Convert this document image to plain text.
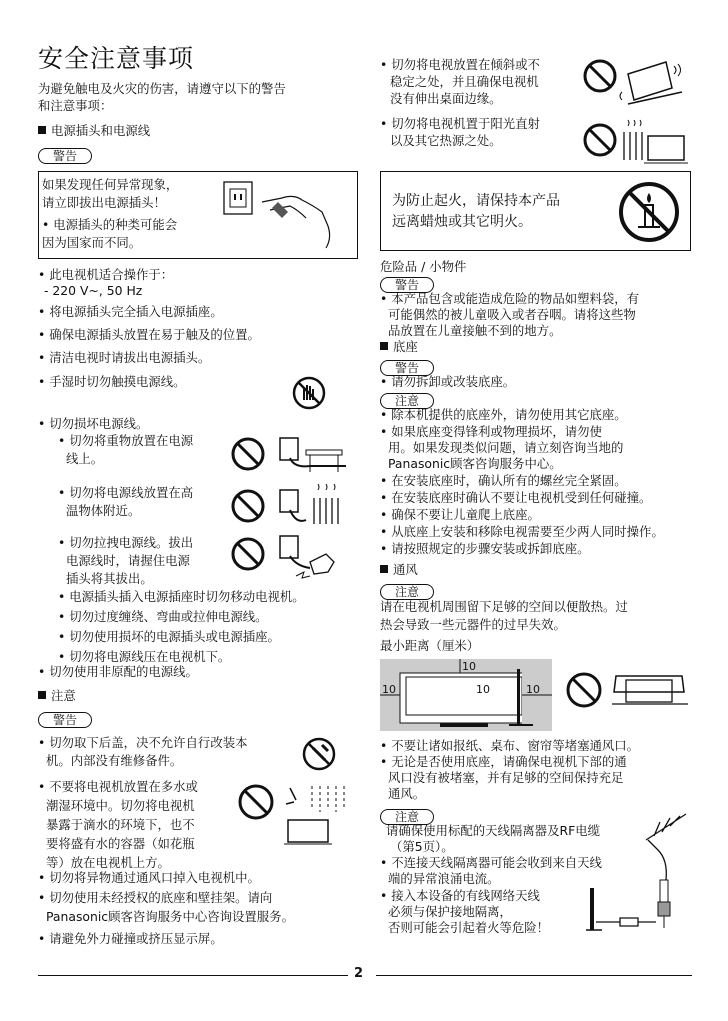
安全注意事项
为避免触电及火灾的伤害，请遵守以下的警告
和注意事项：
电源插头和电源线
警告
如果发现任何异常现象，
请立即拔出电源插头！
• 电源插头的种类可能会
因为国家而不同。
• 此电视机适合操作于：
- 220 V~, 50 Hz
• 将电源插头完全插入电源插座。
• 确保电源插头放置在易于触及的位置。
• 清洁电视时请拔出电源插头。
• 手湿时切勿触摸电源线。
• 切勿损坏电源线。
• 切勿将重物放置在电源
线上。
• 切勿将电源线放置在高
温物体附近。
• 切勿拉拽电源线。拔出
电源线时，请握住电源
插头将其拔出。
• 电源插头插入电源插座时切勿移动电视机。
• 切勿过度缠绕、弯曲或拉伸电源线。
• 切勿使用损坏的电源插头或电源插座。
• 切勿将电源线压在电视机下。
• 切勿使用非原配的电源线。
注意
警告
• 切勿取下后盖，决不允许自行改装本
机。内部没有维修备件。
• 不要将电视机放置在多水或
潮湿环境中。切勿将电视机
暴露于滴水的环境下，也不
要将盛有水的容器（如花瓶
等）放在电视机上方。
• 切勿将异物通过通风口掉入电视机中。
• 切勿使用未经授权的底座和壁挂架。请向
Panasonic顾客咨询服务中心咨询设置服务。
• 请避免外力碰撞或挤压显示屏。
• 切勿将电视放置在倾斜或不
稳定之处，并且确保电视机
没有伸出桌面边缘。
• 切勿将电视机置于阳光直射
以及其它热源之处。
为防止起火，请保持本产品
远离蜡烛或其它明火。
危险品 / 小物件
警告
• 本产品包含或能造成危险的物品如塑料袋，有
可能偶然的被儿童吸入或者吞咽。请将这些物
品放置在儿童接触不到的地方。
底座
警告
• 请勿拆卸或改装底座。
注意
• 除本机提供的底座外，请勿使用其它底座。
• 如果底座变得锋利或物理损坏，请勿使
用。如果发现类似问题，请立刻咨询当地的
Panasonic顾客咨询服务中心。
• 在安装底座时，确认所有的螺丝完全紧固。
• 在安装底座时确认不要让电视机受到任何碰撞。
• 确保不要让儿童爬上底座。
• 从底座上安装和移除电视需要至少两人同时操作。
• 请按照规定的步骤安装或拆卸底座。
通风
注意
请在电视机周围留下足够的空间以便散热。过
热会导致一些元器件的过早失效。
最小距离（厘米）
10
10	10	10
• 不要让诸如报纸、桌布、窗帘等堵塞通风口。
• 无论是否使用底座，请确保电视机下部的通
风口没有被堵塞，并有足够的空间保持充足
通风。
注意
请确保使用标配的天线隔离器及RF电缆
（第5页）。
• 不连接天线隔离器可能会收到来自天线
端的异常浪涌电流。
• 接入本设备的有线网络天线
必须与保护接地隔离，
否则可能会引起着火等危险！
2
